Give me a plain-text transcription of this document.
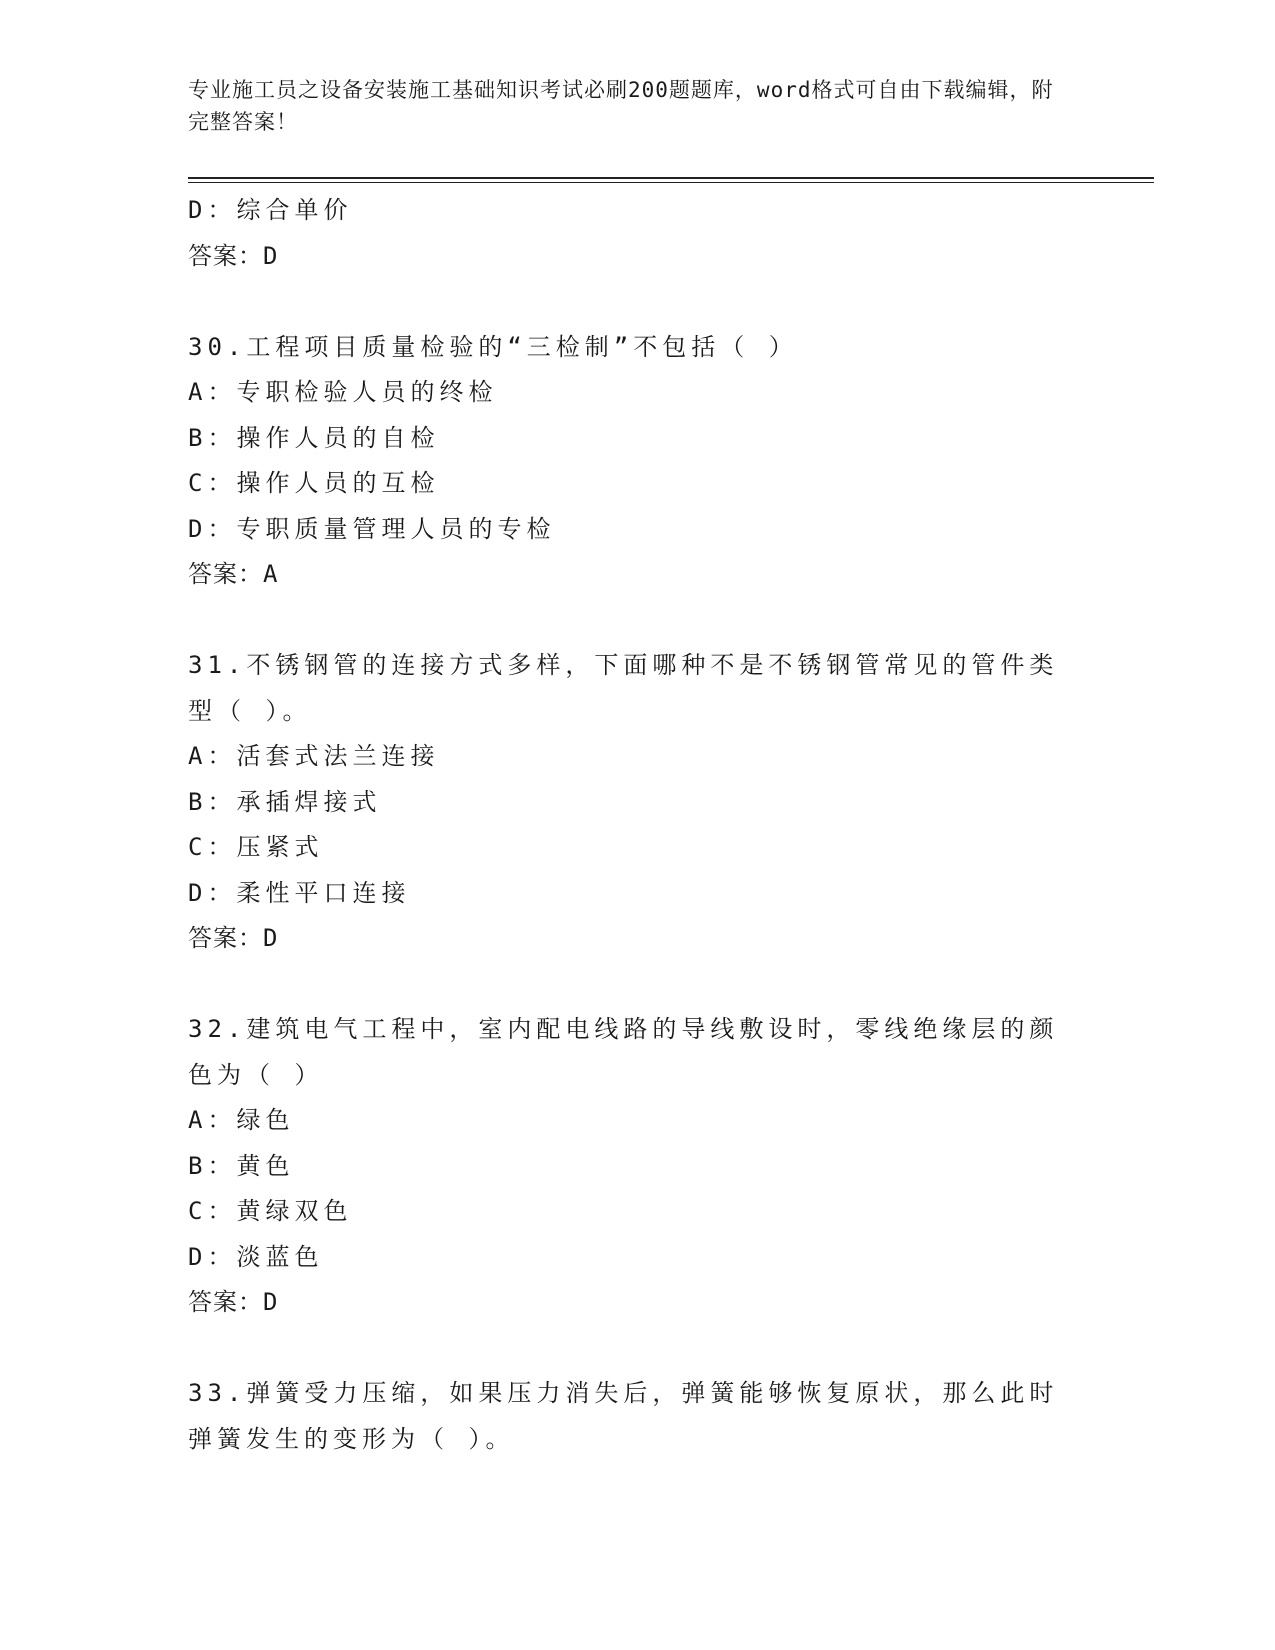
专业施工员之设备安装施工基础知识考试必刷200题题库，word格式可自由下载编辑，附完整答案！
D：综合单价
答案：D
30.工程项目质量检验的“三检制”不包括（ ）
A：专职检验人员的终检
B：操作人员的自检
C：操作人员的互检
D：专职质量管理人员的专检
答案：A
31.不锈钢管的连接方式多样，下面哪种不是不锈钢管常见的管件类型（ ）。
A：活套式法兰连接
B：承插焊接式
C：压紧式
D：柔性平口连接
答案：D
32.建筑电气工程中，室内配电线路的导线敷设时，零线绝缘层的颜色为（ ）
A：绿色
B：黄色
C：黄绿双色
D：淡蓝色
答案：D
33.弹簧受力压缩，如果压力消失后，弹簧能够恢复原状，那么此时弹簧发生的变形为（ ）。
